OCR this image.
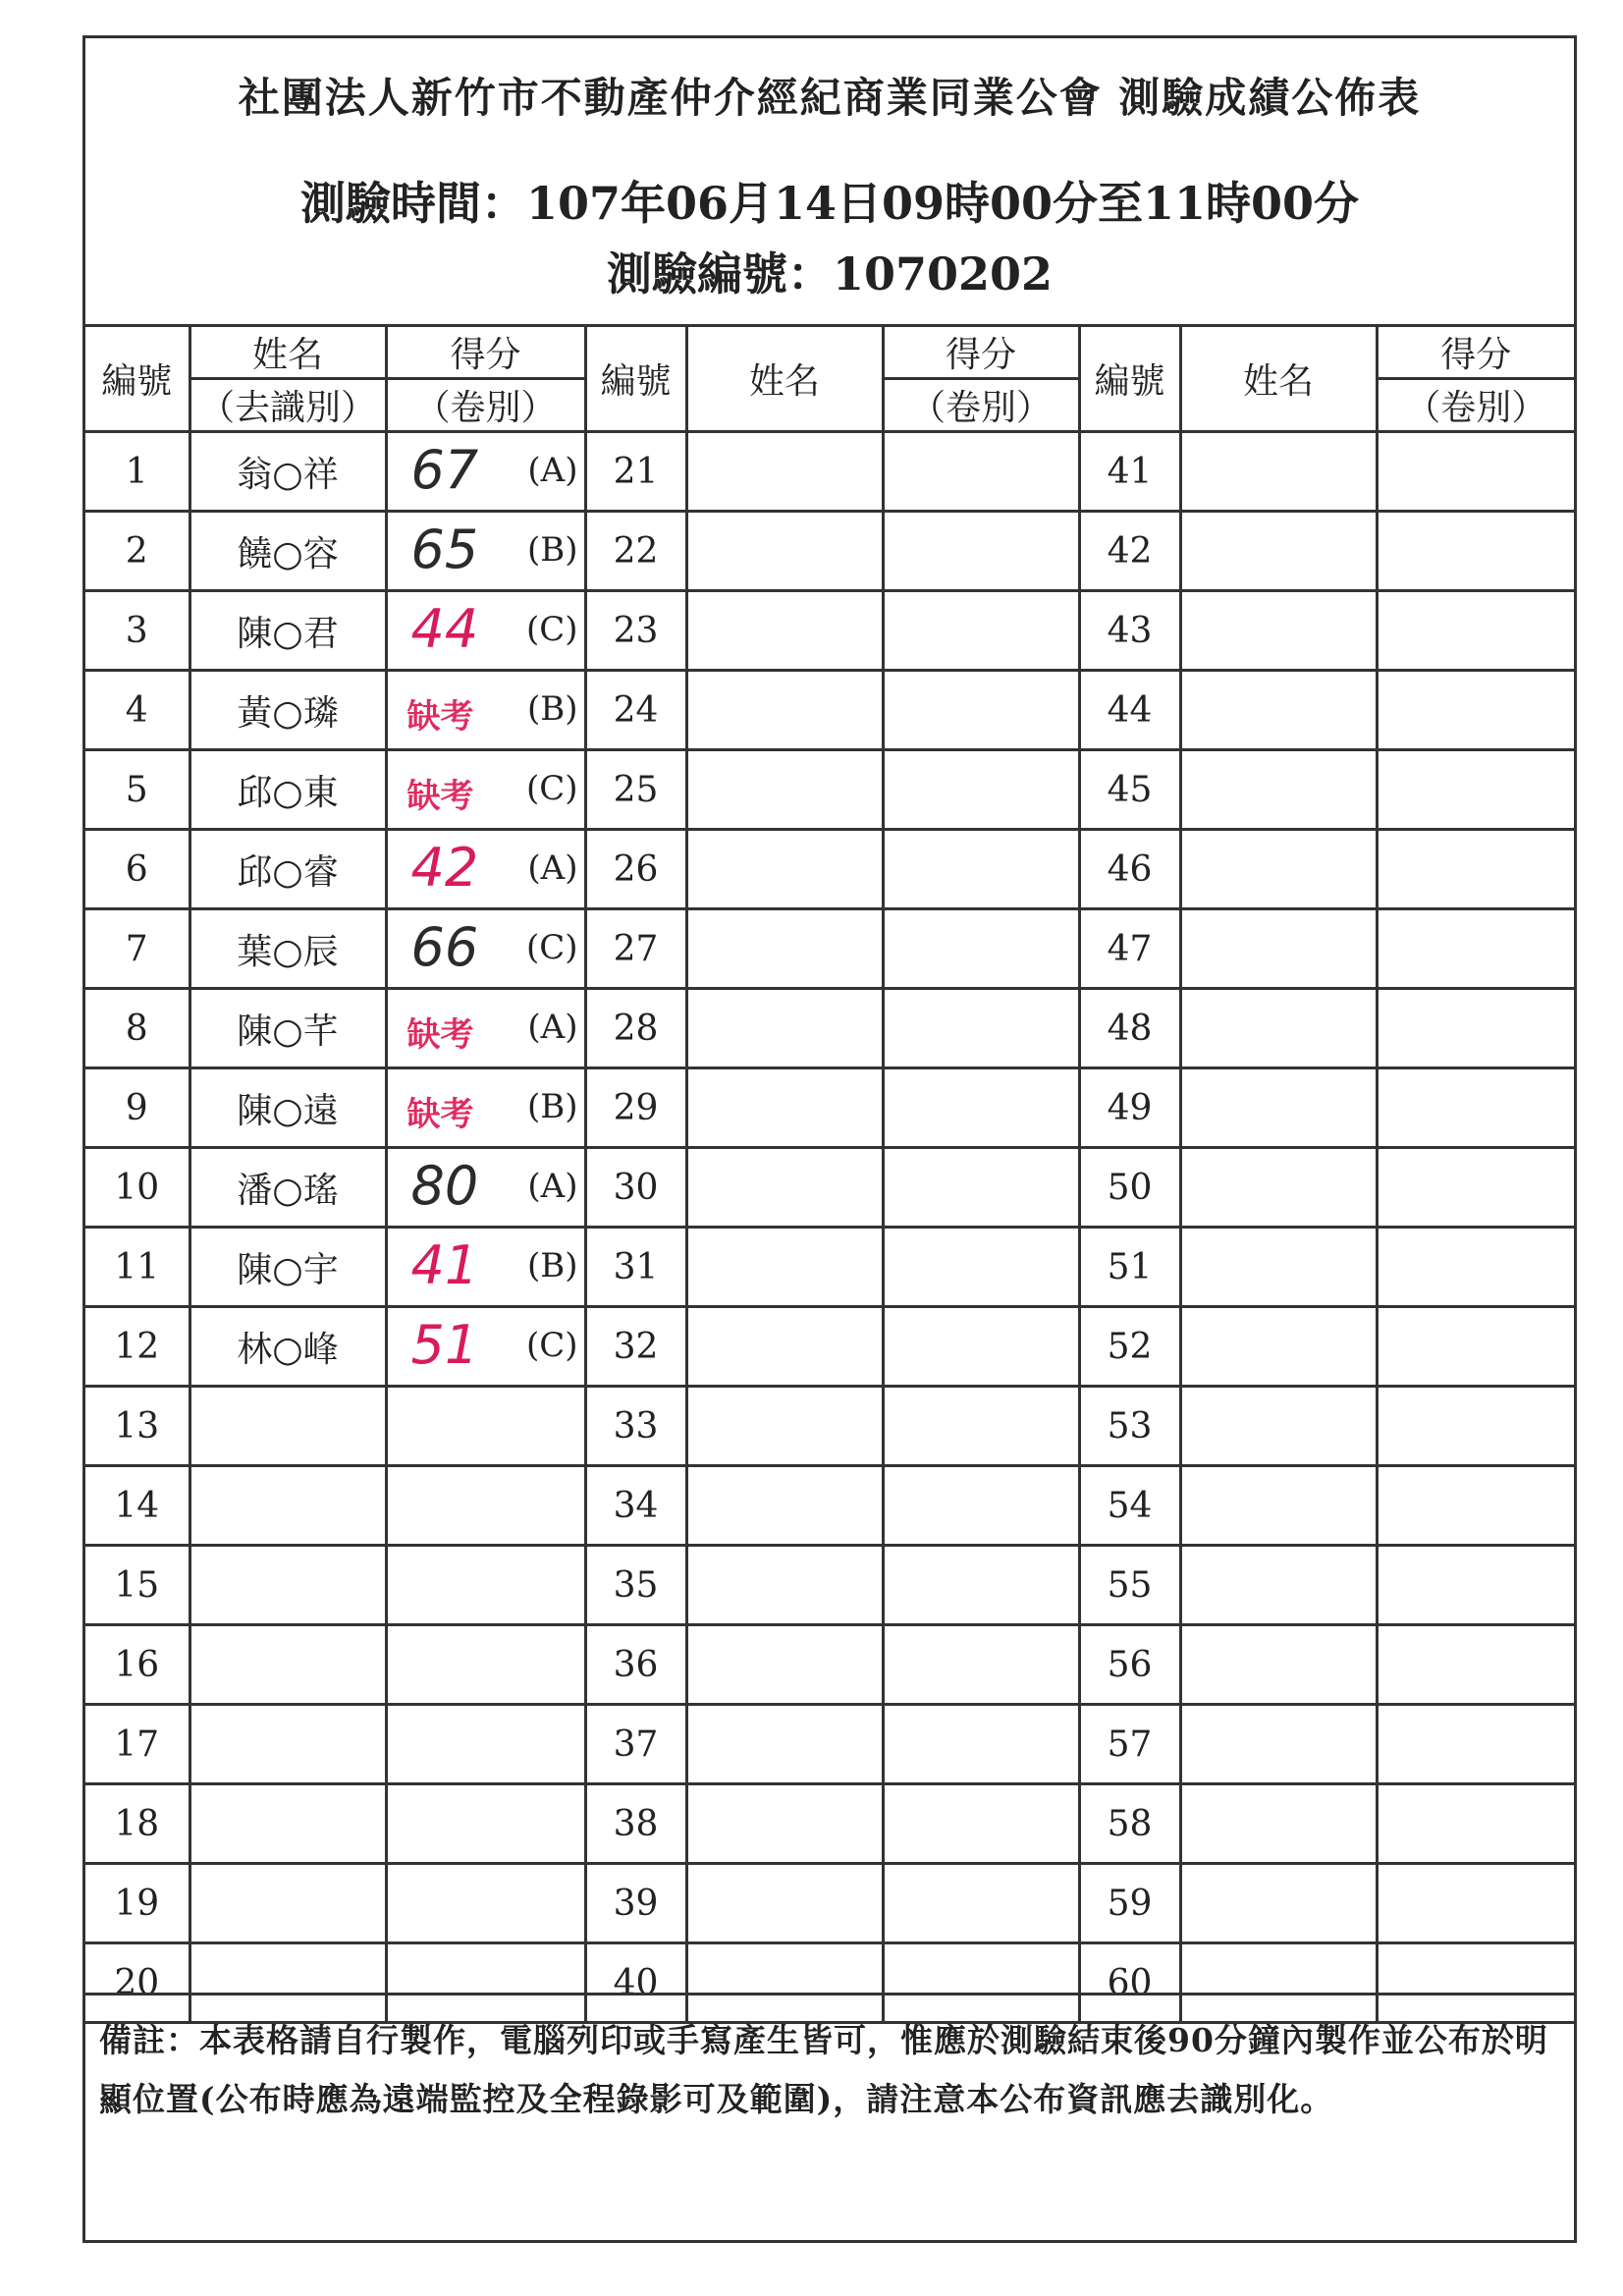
社團法人新竹市不動產仲介經紀商業同業公會 測驗成績公佈表
測驗時間：107年06月14日09時00分至11時00分
測驗編號：1070202
編號	姓名	得分	編號	姓名	得分	編號	姓名	得分
	（去識別）	（卷別）			（卷別）			（卷別）
1	翁○祥	67 (A)	21			41		
2	饒○容	65 (B)	22			42		
3	陳○君	44 (C)	23			43		
4	黃○璘	缺考 (B)	24			44		
5	邱○東	缺考 (C)	25			45		
6	邱○睿	42 (A)	26			46		
7	葉○辰	66 (C)	27			47		
8	陳○芊	缺考 (A)	28			48		
9	陳○遠	缺考 (B)	29			49		
10	潘○瑤	80 (A)	30			50		
11	陳○宇	41 (B)	31			51		
12	林○峰	51 (C)	32			52		
13			33			53		
14			34			54		
15			35			55		
16			36			56		
17			37			57		
18			38			58		
19			39			59		
20			40			60		
備註：本表格請自行製作，電腦列印或手寫產生皆可，惟應於測驗結束後90分鐘內製作並公布於明顯位置(公布時應為遠端監控及全程錄影可及範圍)，請注意本公布資訊應去識別化。
